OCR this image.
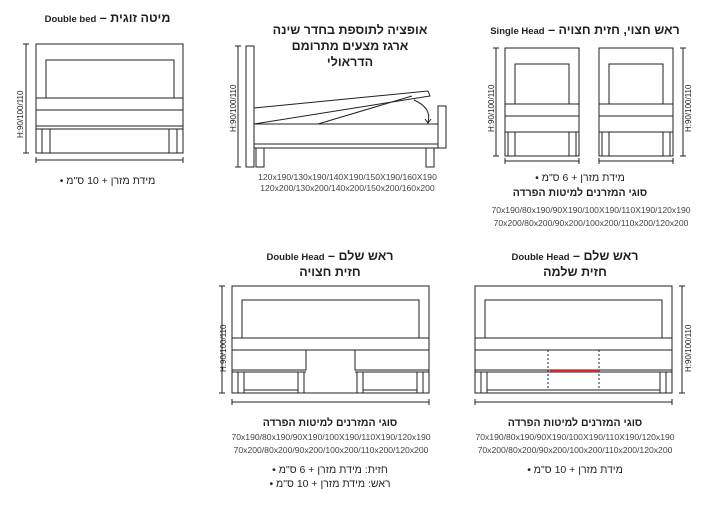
H:90/100/110	H:90/100/110	H:90/100/110	H:90/100/110
H:90/100/110	H:90/100/110
מיטה זוגית – Double bed
מידת מזרן + 10 ס"מ •
אופציה לתוספת בחדר שינה
ארגז מצעים מתרומם
הדראולי
120x190/130x190/140X190/150X190/160X190
120x200/130x200/140x200/150x200/160x200
ראש חצוי, חזית חצויה – Single Head
מידת מזרן + 6 ס"מ •
סוגי המזרנים למיטות הפרדה
70x190/80x190/90X190/100X190/110X190/120x190
70x200/80x200/90x200/100x200/110x200/120x200
ראש שלם – Double Head
חזית חצויה
סוגי המזרנים למיטות הפרדה
70x190/80x190/90X190/100X190/110X190/120x190
70x200/80x200/90x200/100x200/110x200/120x200
חזית: מידת מזרן + 6 ס"מ •
ראש: מידת מזרן + 10 ס"מ •
ראש שלם – Double Head
חזית שלמה
סוגי המזרנים למיטות הפרדה
70x190/80x190/90X190/100X190/110X190/120x190
70x200/80x200/90x200/100x200/110x200/120x200
מידת מזרן + 10 ס"מ •
